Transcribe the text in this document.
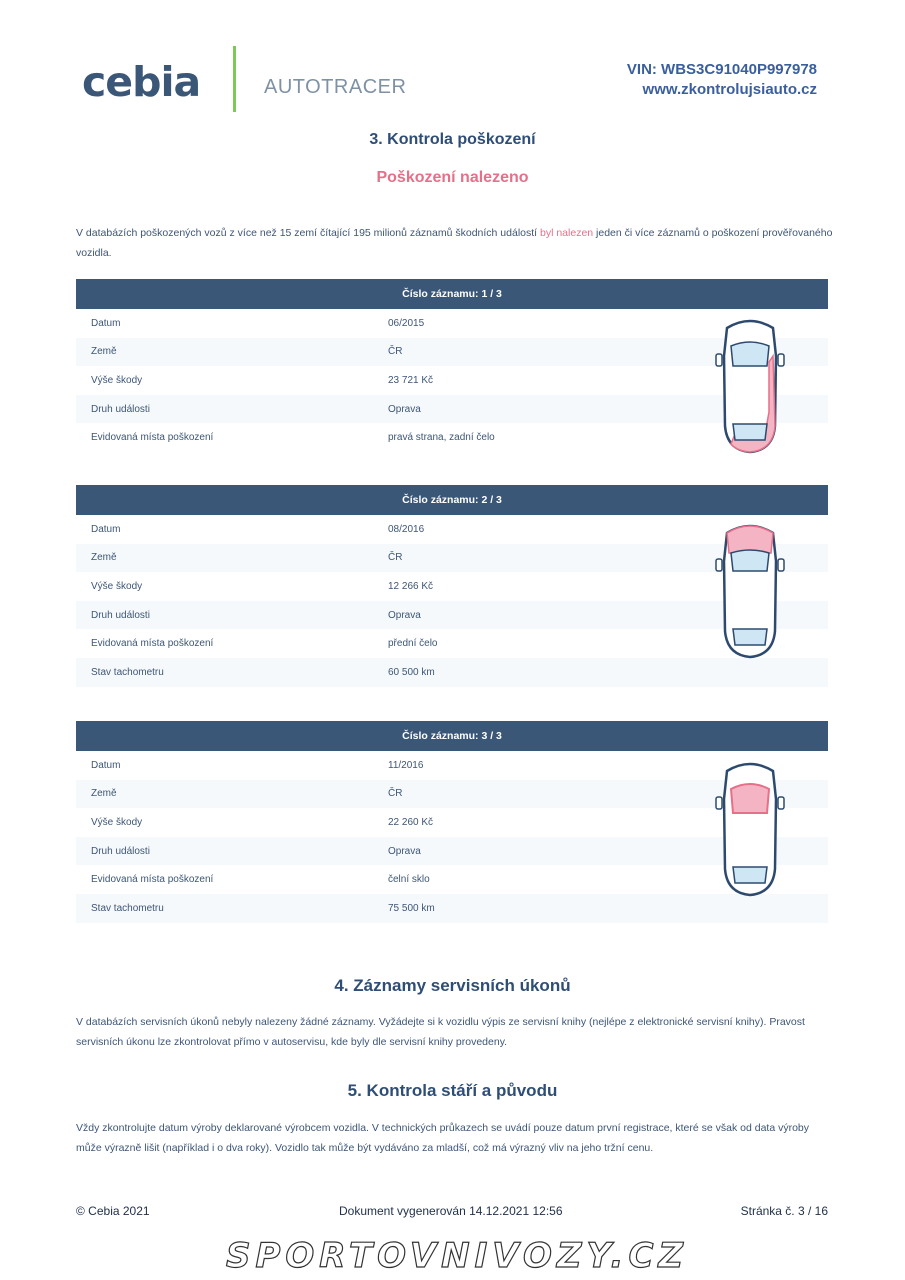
cebia	AUTOTRACER
VIN: WBS3C91040P997978
www.zkontrolujsiauto.cz
3. Kontrola poškození
Poškození nalezeno
V databázích poškozených vozů z více než 15 zemí čítající 195 milionů záznamů škodních událostí byl nalezen jeden či více záznamů o poškození prověřovaného vozidla.
Číslo záznamu: 1 / 3
Datum	06/2015
Země	ČR
Výše škody	23 721 Kč
Druh události	Oprava
Evidovaná místa poškození	pravá strana, zadní čelo
Číslo záznamu: 2 / 3
Datum	08/2016
Země	ČR
Výše škody	12 266 Kč
Druh události	Oprava
Evidovaná místa poškození	přední čelo
Stav tachometru	60 500 km
Číslo záznamu: 3 / 3
Datum	11/2016
Země	ČR
Výše škody	22 260 Kč
Druh události	Oprava
Evidovaná místa poškození	čelní sklo
Stav tachometru	75 500 km
4. Záznamy servisních úkonů
V databázích servisních úkonů nebyly nalezeny žádné záznamy. Vyžádejte si k vozidlu výpis ze servisní knihy (nejlépe z elektronické servisní knihy). Pravost servisních úkonu lze zkontrolovat přímo v autoservisu, kde byly dle servisní knihy provedeny.
5. Kontrola stáří a původu
Vždy zkontrolujte datum výroby deklarované výrobcem vozidla. V technických průkazech se uvádí pouze datum první registrace, které se však od data výroby může výrazně lišit (například i o dva roky). Vozidlo tak může být vydáváno za mladší, což má výrazný vliv na jeho tržní cenu.
© Cebia 2021	Dokument vygenerován 14.12.2021 12:56	Stránka č. 3 / 16
SPORTOVNIVOZY.CZ
